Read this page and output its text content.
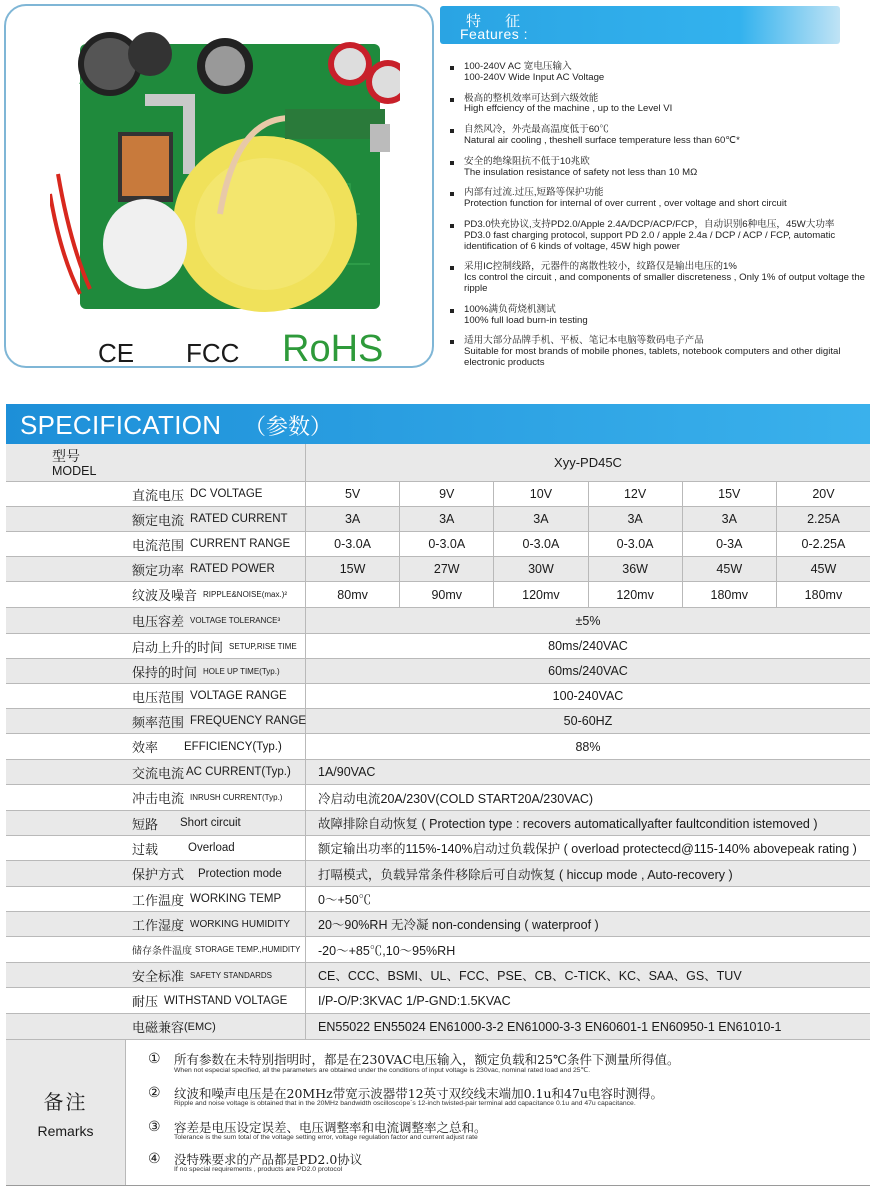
CE FCC RoHS
特 征
Features :
100-240V AC 宽电压输入
100-240V Wide Input AC Voltage
极高的整机效率可达到六级效能
High effciency of the machine , up to the Level VI
自然风冷，外壳最高温度低于60℃
Natural air cooling , theshell surface temperature less than 60℃*
安全的绝缘阻抗不低于10兆欧
The insulation resistance of safety not less than 10 MΩ
内部有过流.过压,短路等保护功能
Protection function for internal of over current , over voltage and short circuit
PD3.0快充协议,支持PD2.0/Apple 2.4A/DCP/ACP/FCP，自动识别6种电压，45W大功率
PD3.0 fast charging protocol, support PD 2.0 / apple 2.4a / DCP / ACP / FCP, automatic identification of 6 kinds of voltage, 45W high power
采用IC控制线路，元器件的离散性较小，纹路仅是输出电压的1%
Ics control the circuit , and components of smaller discreteness , Only 1% of output voltage the ripple
100%满负荷烧机测试
100% full load burn-in testing
适用大部分品牌手机、平板、笔记本电脑等数码电子产品
Suitable for most brands of mobile phones, tablets, notebook computers and other digital electronic products
SPECIFICATION （参数）
型号
MODEL
Xyy-PD45C
直流电压 DC VOLTAGE	5V	9V	10V	12V	15V	20V
额定电流 RATED CURRENT	3A	3A	3A	3A	3A	2.25A
电流范围 CURRENT RANGE	0-3.0A	0-3.0A	0-3.0A	0-3.0A	0-3A	0-2.25A
额定功率 RATED POWER	15W	27W	30W	36W	45W	45W
纹波及噪音 RIPPLE&NOISE(max.)²	80mv	90mv	120mv	120mv	180mv	180mv
电压容差 VOLTAGE TOLERANCE³	±5%
启动上升的时间 SETUP,RISE TIME	80ms/240VAC
保持的时间 HOLE UP TIME(Typ.)	60ms/240VAC
电压范围 VOLTAGE RANGE	100-240VAC
频率范围 FREQUENCY RANGE	50-60HZ
效率 EFFICIENCY(Typ.)	88%
交流电流 AC CURRENT(Typ.)	1A/90VAC
冲击电流 INRUSH CURRENT(Typ.)	冷启动电流20A/230V(COLD START20A/230VAC)
短路 Short circuit	故障排除自动恢复 ( Protection type : recovers automaticallyafter faultcondition istemoved )
过载	Overload	额定输出功率的115%-140%启动过负载保护 ( overload protectecd@115-140% abovepeak rating )
保护方式 Protection mode	打嗝模式，负载异常条件移除后可自动恢复 ( hiccup mode , Auto-recovery )
工作温度 WORKING TEMP	0～+50℃
工作湿度 WORKING HUMIDITY	20～90%RH 无冷凝 non-condensing ( waterproof )
储存条件温度 STORAGE TEMP.,HUMIDITY	-20～+85℃,10～95%RH
安全标准 SAFETY STANDARDS	CE、CCC、BSMI、UL、FCC、PSE、CB、C-TICK、KC、SAA、GS、TUV
耐压 WITHSTAND VOLTAGE	I/P-O/P:3KVAC 1/P-GND:1.5KVAC
电磁兼容 (EMC)	EN55022 EN55024 EN61000-3-2 EN61000-3-3 EN60601-1 EN60950-1 EN61010-1
备注
Remarks
① 所有参数在未特别指明时，都是在230VAC电压输入，额定负载和25℃条件下测量所得值。
When not especial specified, all the parameters are obtained under the conditions of input voltage is 230vac, nominal rated load and 25℃.
② 纹波和噪声电压是在20MHz带宽示波器带12英寸双绞线末端加0.1u和47u电容时测得。
Ripple and noise voltage is obtained that in the 20MHz bandwidth oscilloscope`s 12-inch twisted-pair terminal add capacitance 0.1u and 47u capacitance.
③ 容差是电压设定误差、电压调整率和电流调整率之总和。
Tolerance is the sum total of the voltage setting error, voltage regulation factor and current adjust rate
④ 没特殊要求的产品都是PD2.0协议
If no special requirements , products are PD2.0 protocol
